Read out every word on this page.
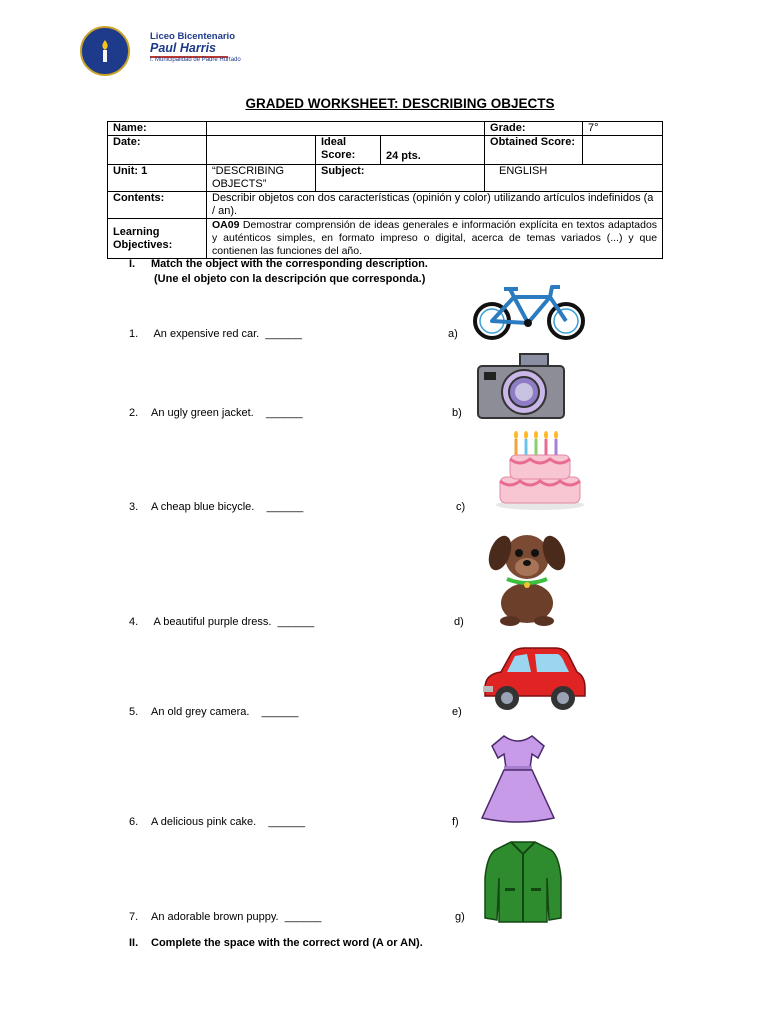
Liceo Bicentenario
Paul Harris
I. Municipalidad de Padre Hurtado
GRADED WORKSHEET: DESCRIBING OBJECTS
Name:				Grade:	7°
Date:		Ideal Score:	24 pts.	Obtained Score:	
Unit: 1	“DESCRIBING OBJECTS”	Subject:		ENGLISH	
Contents:	Describir objetos con dos características (opinión y color) utilizando artículos indefinidos (a / an).				
Learning Objectives:	OA09 Demostrar comprensión de ideas generales e información explícita en textos adaptados y auténticos simples, en formato impreso o digital, acerca de temas variados (...) y que contienen las funciones del año.				
I. Match the object with the corresponding description.
(Une el objeto con la descripción que corresponda.)
1. An expensive red car.  ______	a)
2. An ugly green jacket.    ______	b)
3. A cheap blue bicycle.    ______	c)
4. A beautiful purple dress.  ______	d)
5. An old grey camera.    ______	e)
6. A delicious pink cake.    ______	f)
7. An adorable brown puppy.  ______	g)
II. Complete the space with the correct word (A or AN).
